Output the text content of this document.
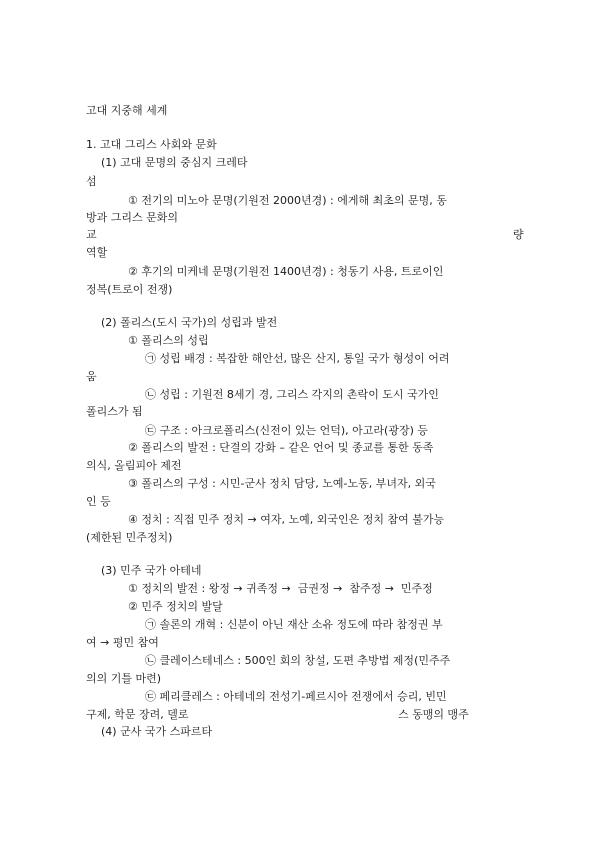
고대 지중해 세계
1. 고대 그리스 사회와 문화
(1) 고대 문명의 중심지 크레타
섬
① 전기의 미노아 문명(기원전 2000년경) : 에게해 최초의 문명, 동
방과 그리스 문화의
교	량
역할
② 후기의 미케네 문명(기원전 1400년경) : 청동기 사용, 트로이인
정복(트로이 전쟁)
(2) 폴리스(도시 국가)의 성립과 발전
① 폴리스의 성립
㉠ 성립 배경 : 복잡한 해안선, 많은 산지, 통일 국가 형성이 어려
움
㉡ 성립 : 기원전 8세기 경, 그리스 각지의 촌락이 도시 국가인
폴리스가 됨
㉢ 구조 : 아크로폴리스(신전이 있는 언덕), 아고라(광장) 등
② 폴리스의 발전 : 단결의 강화 – 같은 언어 및 종교를 통한 동족
의식, 올림피아 제전
③ 폴리스의 구성 : 시민-군사 정치 담당, 노예-노동, 부녀자, 외국
인 등
④ 정치 : 직접 민주 정치 → 여자, 노예, 외국인은 정치 참여 불가능
(제한된 민주정치)
(3) 민주 국가 아테네
① 정치의 발전 : 왕정 → 귀족정 →  금권정 →  참주정 →  민주정
② 민주 정치의 발달
㉠ 솔론의 개혁 : 신분이 아닌 재산 소유 정도에 따라 참정권 부
여 → 평민 참여
㉡ 클레이스테네스 : 500인 회의 창설, 도편 추방법 제정(민주주
의의 기틀 마련)
㉢ 페리클레스 : 아테네의 전성기-페르시아 전쟁에서 승리, 빈민
구제, 학문 장려, 델로	스 동맹의 맹주
(4) 군사 국가 스파르타
